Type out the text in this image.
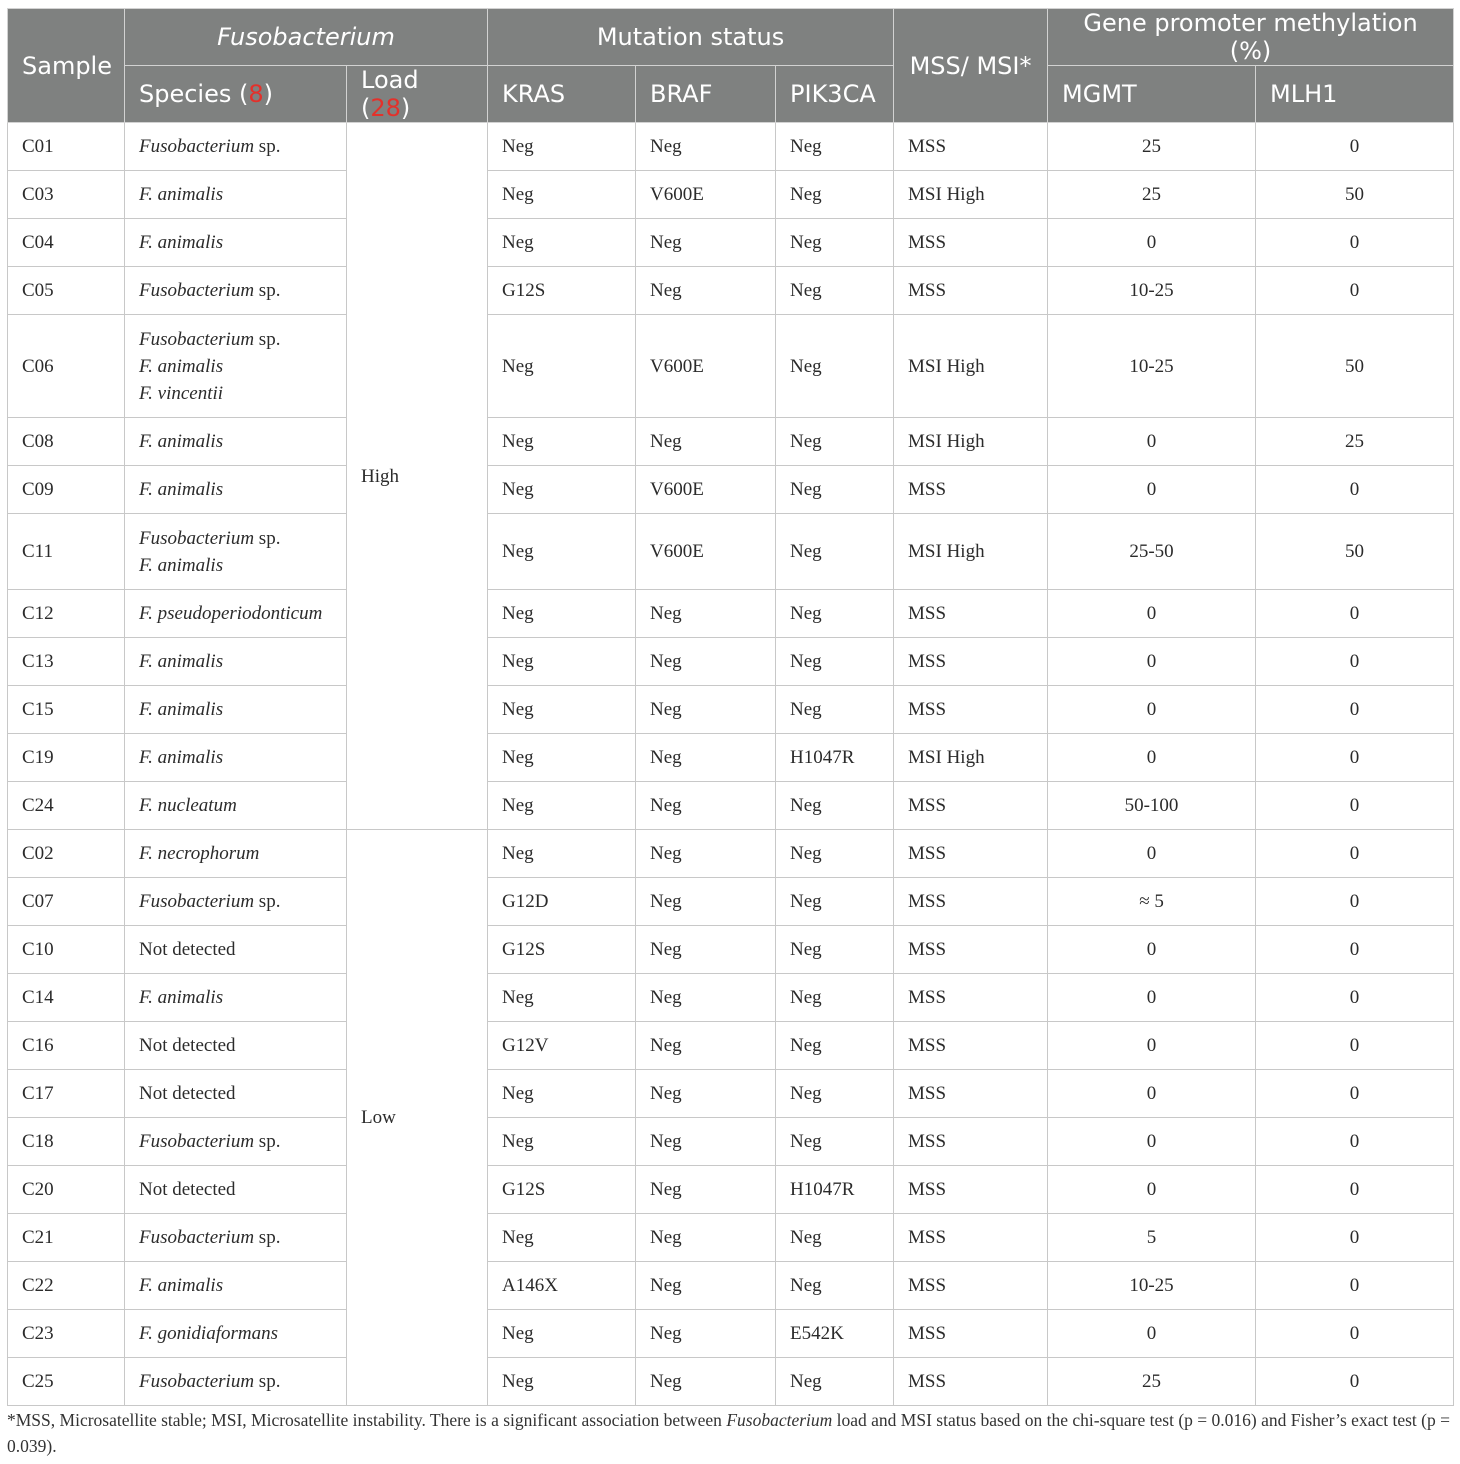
Sample	Fusobacterium		Mutation status			MSS/ MSI*	Gene promoter methylation (%)	
	Species (8)	Load (28)	KRAS	BRAF	PIK3CA		MGMT	MLH1
C01	Fusobacterium sp.	High	Neg	Neg	Neg	MSS	25	0
C03	F. animalis		Neg	V600E	Neg	MSI High	25	50
C04	F. animalis		Neg	Neg	Neg	MSS	0	0
C05	Fusobacterium sp.		G12S	Neg	Neg	MSS	10-25	0
C06	Fusobacterium sp.
F. animalis
F. vincentii		Neg	V600E	Neg	MSI High	10-25	50
C08	F. animalis		Neg	Neg	Neg	MSI High	0	25
C09	F. animalis		Neg	V600E	Neg	MSS	0	0
C11	Fusobacterium sp.
F. animalis		Neg	V600E	Neg	MSI High	25-50	50
C12	F. pseudoperiodonticum		Neg	Neg	Neg	MSS	0	0
C13	F. animalis		Neg	Neg	Neg	MSS	0	0
C15	F. animalis		Neg	Neg	Neg	MSS	0	0
C19	F. animalis		Neg	Neg	H1047R	MSI High	0	0
C24	F. nucleatum		Neg	Neg	Neg	MSS	50-100	0
C02	F. necrophorum	Low	Neg	Neg	Neg	MSS	0	0
C07	Fusobacterium sp.		G12D	Neg	Neg	MSS	≈ 5	0
C10	Not detected		G12S	Neg	Neg	MSS	0	0
C14	F. animalis		Neg	Neg	Neg	MSS	0	0
C16	Not detected		G12V	Neg	Neg	MSS	0	0
C17	Not detected		Neg	Neg	Neg	MSS	0	0
C18	Fusobacterium sp.		Neg	Neg	Neg	MSS	0	0
C20	Not detected		G12S	Neg	H1047R	MSS	0	0
C21	Fusobacterium sp.		Neg	Neg	Neg	MSS	5	0
C22	F. animalis		A146X	Neg	Neg	MSS	10-25	0
C23	F. gonidiaformans		Neg	Neg	E542K	MSS	0	0
C25	Fusobacterium sp.		Neg	Neg	Neg	MSS	25	0
*MSS, Microsatellite stable; MSI, Microsatellite instability. There is a significant association between Fusobacterium load and MSI status based on the chi-square test (p = 0.016) and Fisher’s exact test (p = 0.039).
